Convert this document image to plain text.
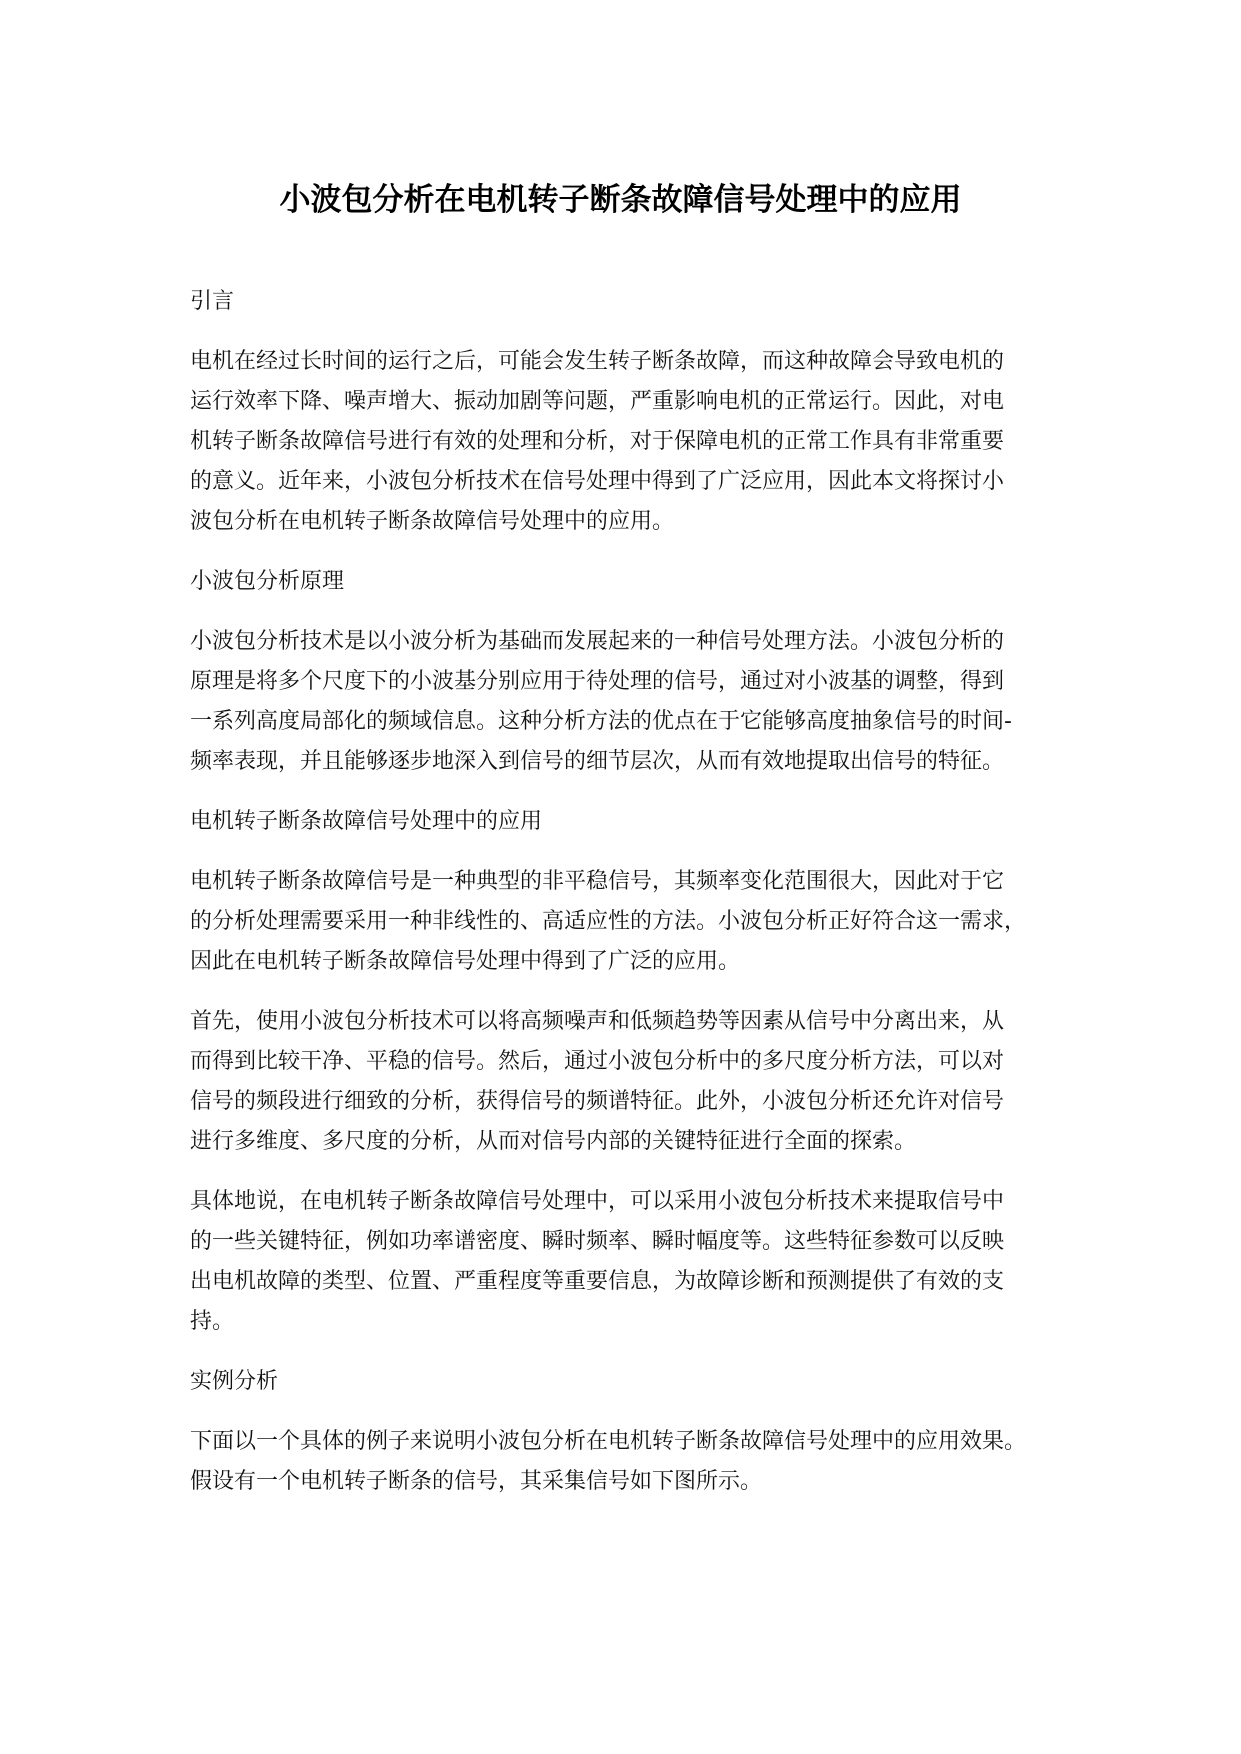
小波包分析在电机转子断条故障信号处理中的应用

引言

电机在经过长时间的运行之后，可能会发生转子断条故障，而这种故障会导致电机的
运行效率下降、噪声增大、振动加剧等问题，严重影响电机的正常运行。因此，对电
机转子断条故障信号进行有效的处理和分析，对于保障电机的正常工作具有非常重要
的意义。近年来，小波包分析技术在信号处理中得到了广泛应用，因此本文将探讨小
波包分析在电机转子断条故障信号处理中的应用。

小波包分析原理

小波包分析技术是以小波分析为基础而发展起来的一种信号处理方法。小波包分析的
原理是将多个尺度下的小波基分别应用于待处理的信号，通过对小波基的调整，得到
一系列高度局部化的频域信息。这种分析方法的优点在于它能够高度抽象信号的时间-
频率表现，并且能够逐步地深入到信号的细节层次，从而有效地提取出信号的特征。

电机转子断条故障信号处理中的应用

电机转子断条故障信号是一种典型的非平稳信号，其频率变化范围很大，因此对于它
的分析处理需要采用一种非线性的、高适应性的方法。小波包分析正好符合这一需求，
因此在电机转子断条故障信号处理中得到了广泛的应用。

首先，使用小波包分析技术可以将高频噪声和低频趋势等因素从信号中分离出来，从
而得到比较干净、平稳的信号。然后，通过小波包分析中的多尺度分析方法，可以对
信号的频段进行细致的分析，获得信号的频谱特征。此外，小波包分析还允许对信号
进行多维度、多尺度的分析，从而对信号内部的关键特征进行全面的探索。

具体地说，在电机转子断条故障信号处理中，可以采用小波包分析技术来提取信号中
的一些关键特征，例如功率谱密度、瞬时频率、瞬时幅度等。这些特征参数可以反映
出电机故障的类型、位置、严重程度等重要信息，为故障诊断和预测提供了有效的支
持。

实例分析

下面以一个具体的例子来说明小波包分析在电机转子断条故障信号处理中的应用效果。
假设有一个电机转子断条的信号，其采集信号如下图所示。
